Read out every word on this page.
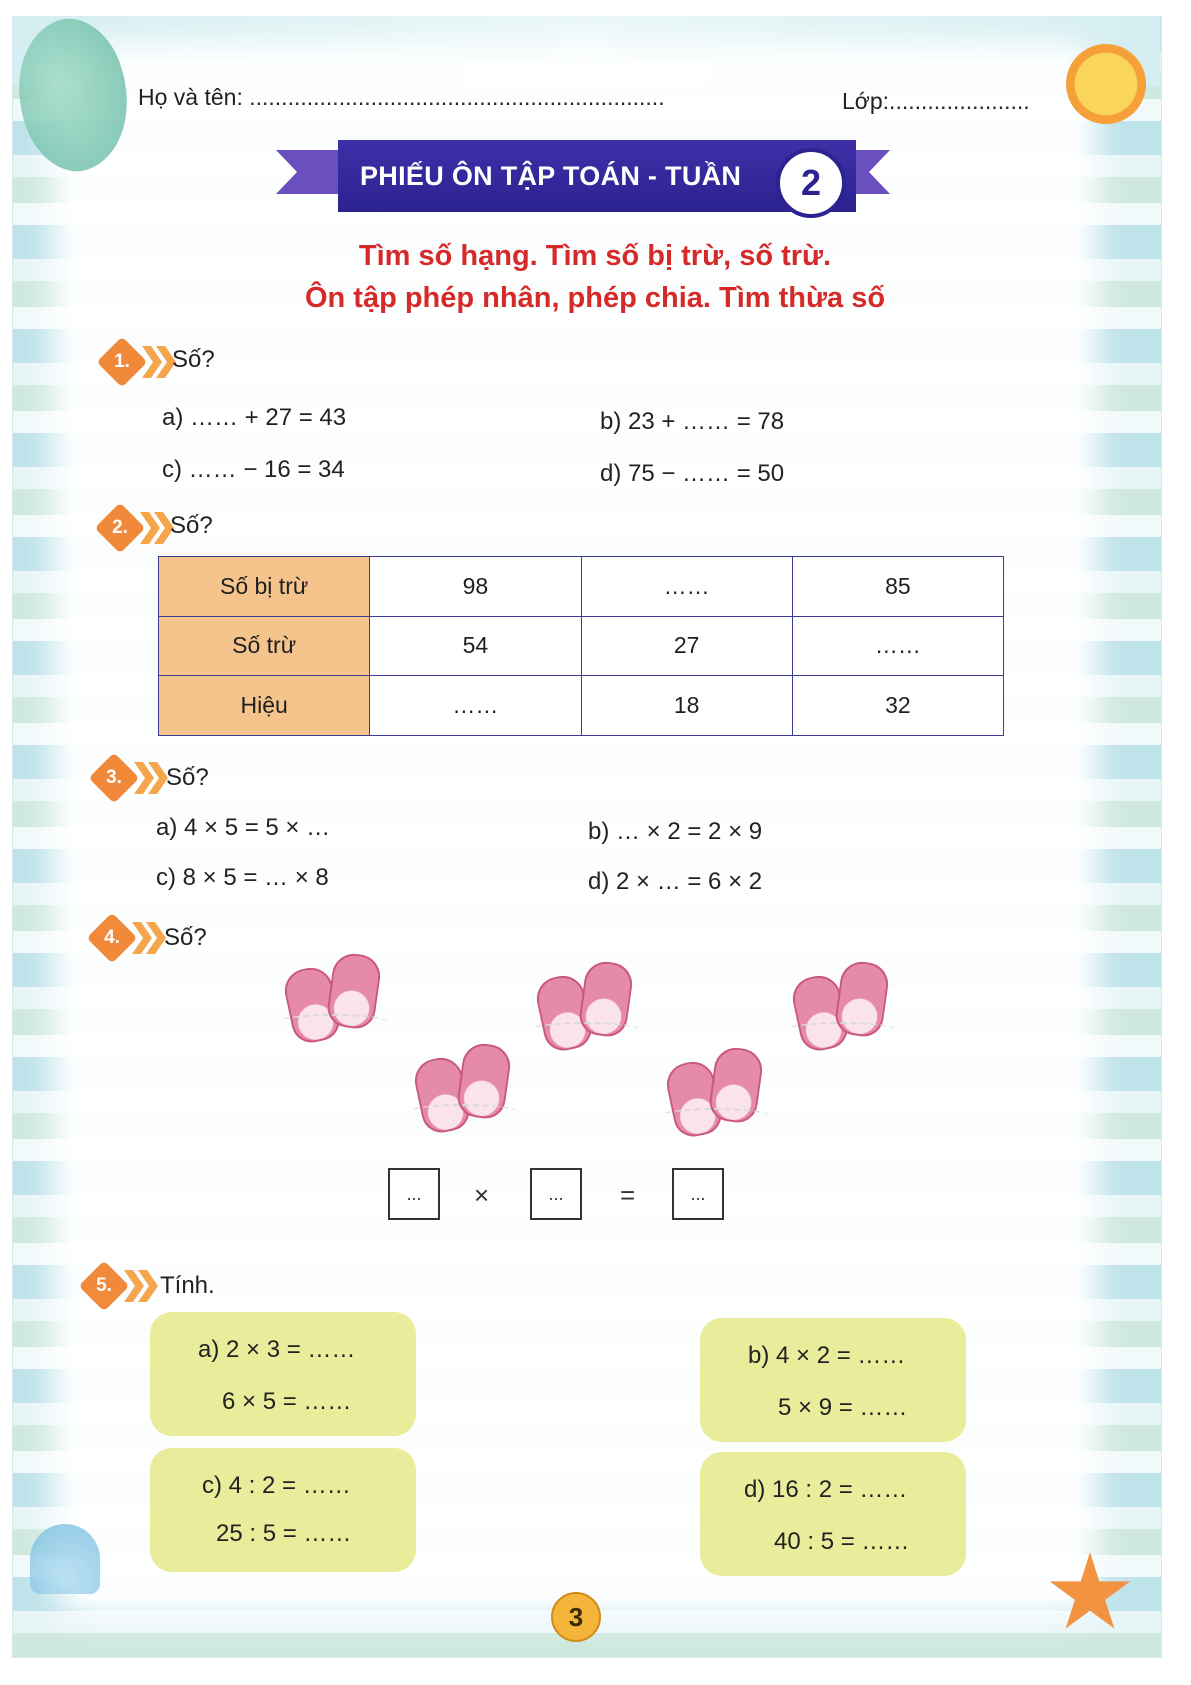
Họ và tên: .................................................................	Lớp:......................
PHIẾU ÔN TẬP TOÁN - TUẦN	2
Tìm số hạng. Tìm số bị trừ, số trừ.
Ôn tập phép nhân, phép chia. Tìm thừa số
1.	Số?
a) …… + 27 = 43	b) 23 + …… = 78
c) …… − 16 = 34	d) 75 − …… = 50
2.	Số?
Số bị trừ	98	……	85
Số trừ	54	27	……
Hiệu	……	18	32
3.	Số?
a) 4 × 5 = 5 × …	b) … × 2 = 2 × 9
c) 8 × 5 = … × 8	d) 2 × … = 6 × 2
4.	Số?
...	×	...	=	...
5.	Tính.
a) 2 × 3 = ……
6 × 5 = ……
b) 4 × 2 = ……
5 × 9 = ……
c) 4 : 2 = ……
25 : 5 = ……
d) 16 : 2 = ……
40 : 5 = ……
3
